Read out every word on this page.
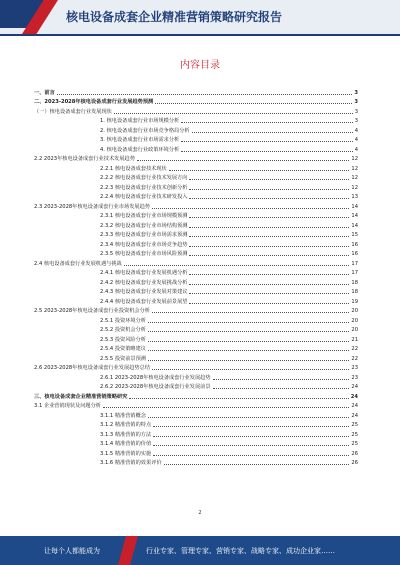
核电设备成套企业精准营销策略研究报告
内容目录
一、前言	3
二、2023-2028年核电设备成套行业发展趋势预测	3
（一）核电设备成套行业发展现状	3
1. 核电设备成套行业市场规模分析	3
2. 核电设备成套行业市场竞争格局分析	4
3. 核电设备成套行业市场需求分析	4
4. 核电设备成套行业政策环境分析	4
2.2 2023年核电设备成套行业技术发展趋势	12
2.2.1 核电设备成套技术现状	12
2.2.2 核电设备成套行业技术发展方向	12
2.2.3 核电设备成套行业技术创新分析	12
2.2.4 核电设备成套行业技术研发投入	13
2.3 2023-2028年核电设备成套行业市场发展趋势	14
2.3.1 核电设备成套行业市场规模预测	14
2.3.2 核电设备成套行业市场结构预测	14
2.3.3 核电设备成套行业市场需求预测	15
2.3.4 核电设备成套行业市场竞争趋势	16
2.3.5 核电设备成套行业市场风险预测	16
2.4 核电设备成套行业发展机遇与挑战	17
2.4.1 核电设备成套行业发展机遇分析	17
2.4.2 核电设备成套行业发展挑战分析	18
2.4.3 核电设备成套行业发展对策建议	18
2.4.4 核电设备成套行业发展前景展望	19
2.5 2023-2028年核电设备成套行业投资机会分析	20
2.5.1 投资环境分析	20
2.5.2 投资机会分析	20
2.5.3 投资风险分析	21
2.5.4 投资策略建议	22
2.5.5 投资前景预测	22
2.6 2023-2028年核电设备成套行业发展趋势总结	23
2.6.1 2023-2028年核电设备成套行业发展趋势	23
2.6.2 2023-2028年核电设备成套行业发展前景	24
三、核电设备成套企业精准营销策略研究	24
3.1 企业营销现状及问题分析	24
3.1.1 精准营销概念	24
3.1.2 精准营销的特点	25
3.1.3 精准营销的方法	25
3.1.4 精准营销的价值	25
3.1.5 精准营销的实施	26
3.1.6 精准营销的效果评价	26
2
让每个人都能成为	行业专家、管理专家、营销专家、战略专家、成功企业家……
